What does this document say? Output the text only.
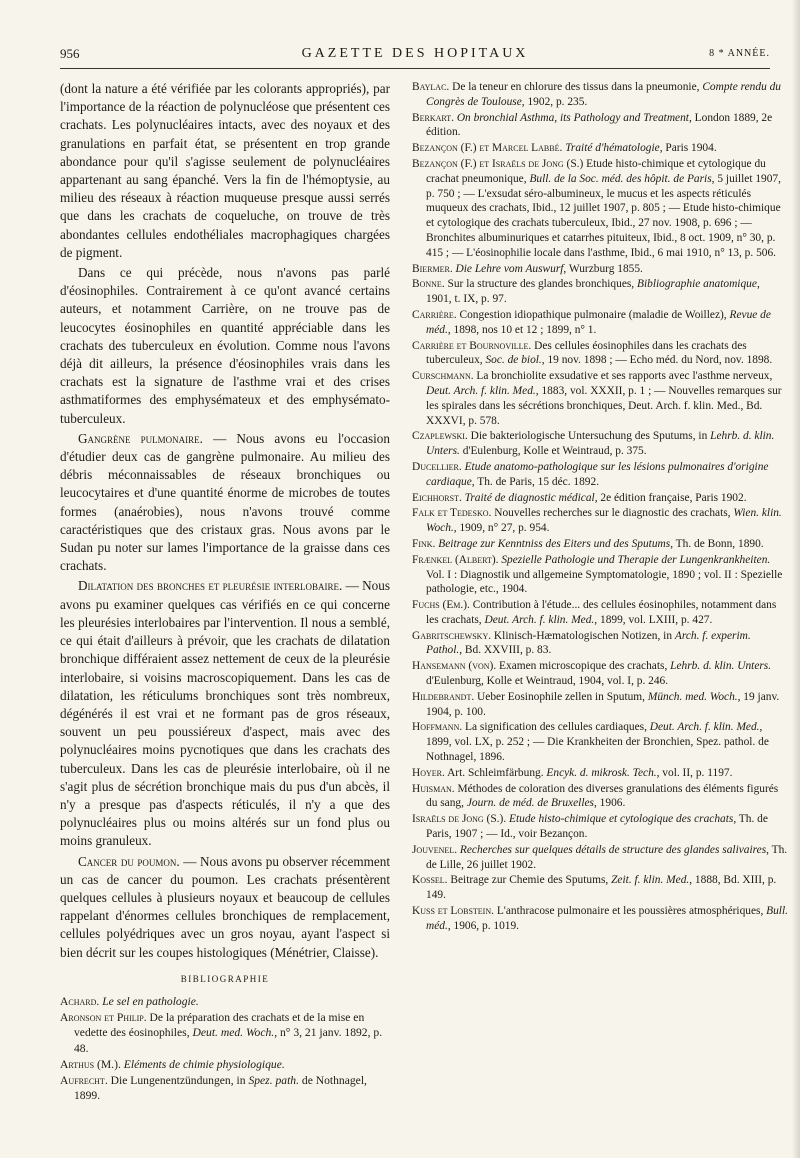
956	GAZETTE DES HOPITAUX	8 * ANNÉE.

(dont la nature a été vérifiée par les colorants appropriés), par l'importance de la réaction de polynucléose que présentent ces crachats. Les polynucléaires intacts, avec des noyaux et des granulations en parfait état, se présentent en trop grande abondance pour qu'il s'agisse seulement de polynucléaires appartenant au sang épanché. Vers la fin de l'hémoptysie, au milieu des réseaux à réaction muqueuse presque aussi serrés que dans les crachats de coqueluche, on trouve de très abondantes cellules endothéliales macrophagiques chargées de pigment.

Dans ce qui précède, nous n'avons pas parlé d'éosinophiles. Contrairement à ce qu'ont avancé certains auteurs, et notamment Carrière, on ne trouve pas de leucocytes éosinophiles en quantité appréciable dans les crachats des tuberculeux en évolution. Comme nous l'avons déjà dit ailleurs, la présence d'éosinophiles vrais dans les crachats est la signature de l'asthme vrai et des crises asthmatiformes des emphysémateux et des emphysémato-tuberculeux.

Gangrène pulmonaire. — Nous avons eu l'occasion d'étudier deux cas de gangrène pulmonaire. Au milieu des débris méconnaissables de réseaux bronchiques ou leucocytaires et d'une quantité énorme de microbes de toutes formes (anaérobies), nous n'avons trouvé comme caractéristiques que des cristaux gras. Nous avons par le Sudan pu noter sur lames l'importance de la graisse dans ces crachats.

Dilatation des bronches et pleurésie interlobaire. — Nous avons pu examiner quelques cas vérifiés en ce qui concerne les pleurésies interlobaires par l'intervention. Il nous a semblé, ce qui était d'ailleurs à prévoir, que les crachats de dilatation bronchique différaient assez nettement de ceux de la pleurésie interlobaire, si voisins macroscopiquement. Dans les cas de dilatation, les réticulums bronchiques sont très nombreux, dégénérés il est vrai et ne formant pas de gros réseaux, souvent un peu poussiéreux d'aspect, mais avec des polynucléaires moins pycnotiques que dans les crachats des tuberculeux. Dans les cas de pleurésie interlobaire, où il ne s'agit plus de sécrétion bronchique mais du pus d'un abcès, il n'y a presque pas d'aspects réticulés, il n'y a que des polynucléaires plus ou moins altérés sur un fond plus ou moins granuleux.

Cancer du poumon. — Nous avons pu observer récemment un cas de cancer du poumon. Les crachats présentèrent quelques cellules à plusieurs noyaux et beaucoup de cellules rappelant d'énormes cellules bronchiques de remplacement, cellules polyédriques avec un gros noyau, ayant l'aspect si bien décrit sur les coupes histologiques (Ménétrier, Claisse).

BIBLIOGRAPHIE

Achard. Le sel en pathologie.

Aronson et Philip. De la préparation des crachats et de la mise en vedette des éosinophiles, Deut. med. Woch., n° 3, 21 janv. 1892, p. 48.

Arthus (M.). Eléments de chimie physiologique.

Aufrecht. Die Lungenentzündungen, in Spez. path. de Nothnagel, 1899.

Baylac. De la teneur en chlorure des tissus dans la pneumonie, Compte rendu du Congrès de Toulouse, 1902, p. 235.

Berkart. On bronchial Asthma, its Pathology and Treatment, London 1889, 2e édition.

Bezançon (F.) et Marcel Labbé. Traité d'hématologie, Paris 1904.

Bezançon (F.) et Israëls de Jong (S.) Etude histo-chimique et cytologique du crachat pneumonique, Bull. de la Soc. méd. des hôpit. de Paris, 5 juillet 1907, p. 750 ; — L'exsudat séro-albumineux, le mucus et les aspects réticulés muqueux des crachats, Ibid., 12 juillet 1907, p. 805 ; — Etude histo-chimique et cytologique des crachats tuberculeux, Ibid., 27 nov. 1908, p. 696 ; — Bronchites albuminuriques et catarrhes pituiteux, Ibid., 8 oct. 1909, n° 30, p. 415 ; — L'éosinophilie locale dans l'asthme, Ibid., 6 mai 1910, n° 13, p. 506.

Biermer. Die Lehre vom Auswurf, Wurzburg 1855.

Bonne. Sur la structure des glandes bronchiques, Bibliographie anatomique, 1901, t. IX, p. 97.

Carrière. Congestion idiopathique pulmonaire (maladie de Woillez), Revue de méd., 1898, nos 10 et 12 ; 1899, n° 1.

Carrière et Bournoville. Des cellules éosinophiles dans les crachats des tuberculeux, Soc. de biol., 19 nov. 1898 ; — Echo méd. du Nord, nov. 1898.

Curschmann. La bronchiolite exsudative et ses rapports avec l'asthme nerveux, Deut. Arch. f. klin. Med., 1883, vol. XXXII, p. 1 ; — Nouvelles remarques sur les spirales dans les sécrétions bronchiques, Deut. Arch. f. klin. Med., Bd. XXXVI, p. 578.

Czaplewski. Die bakteriologische Untersuchung des Sputums, in Lehrb. d. klin. Unters. d'Eulenburg, Kolle et Weintraud, p. 375.

Ducellier. Etude anatomo-pathologique sur les lésions pulmonaires d'origine cardiaque, Th. de Paris, 15 déc. 1892.

Eichhorst. Traité de diagnostic médical, 2e édition française, Paris 1902.

Falk et Tedesko. Nouvelles recherches sur le diagnostic des crachats, Wien. klin. Woch., 1909, n° 27, p. 954.

Fink. Beitrage zur Kenntniss des Eiters und des Sputums, Th. de Bonn, 1890.

Frænkel (Albert). Spezielle Pathologie und Therapie der Lungenkrankheiten. Vol. I : Diagnostik und allgemeine Symptomatologie, 1890 ; vol. II : Spezielle pathologie, etc., 1904.

Fuchs (Em.). Contribution à l'étude... des cellules éosinophiles, notamment dans les crachats, Deut. Arch. f. klin. Med., 1899, vol. LXIII, p. 427.

Gabritschewsky. Klinisch-Hæmatologischen Notizen, in Arch. f. experim. Pathol., Bd. XXVIII, p. 83.

Hansemann (von). Examen microscopique des crachats, Lehrb. d. klin. Unters. d'Eulenburg, Kolle et Weintraud, 1904, vol. I, p. 246.

Hildebrandt. Ueber Eosinophile zellen in Sputum, Münch. med. Woch., 19 janv. 1904, p. 100.

Hoffmann. La signification des cellules cardiaques, Deut. Arch. f. klin. Med., 1899, vol. LX, p. 252 ; — Die Krankheiten der Bronchien, Spez. pathol. de Nothnagel, 1896.

Hoyer. Art. Schleimfärbung. Encyk. d. mikrosk. Tech., vol. II, p. 1197.

Huisman. Méthodes de coloration des diverses granulations des éléments figurés du sang, Journ. de méd. de Bruxelles, 1906.

Israëls de Jong (S.). Etude histo-chimique et cytologique des crachats, Th. de Paris, 1907 ; — Id., voir Bezançon.

Jouvenel. Recherches sur quelques détails de structure des glandes salivaires, Th. de Lille, 26 juillet 1902.

Kossel. Beitrage zur Chemie des Sputums, Zeit. f. klin. Med., 1888, Bd. XIII, p. 149.

Kuss et Lobstein. L'anthracose pulmonaire et les poussières atmosphériques, Bull. méd., 1906, p. 1019.
